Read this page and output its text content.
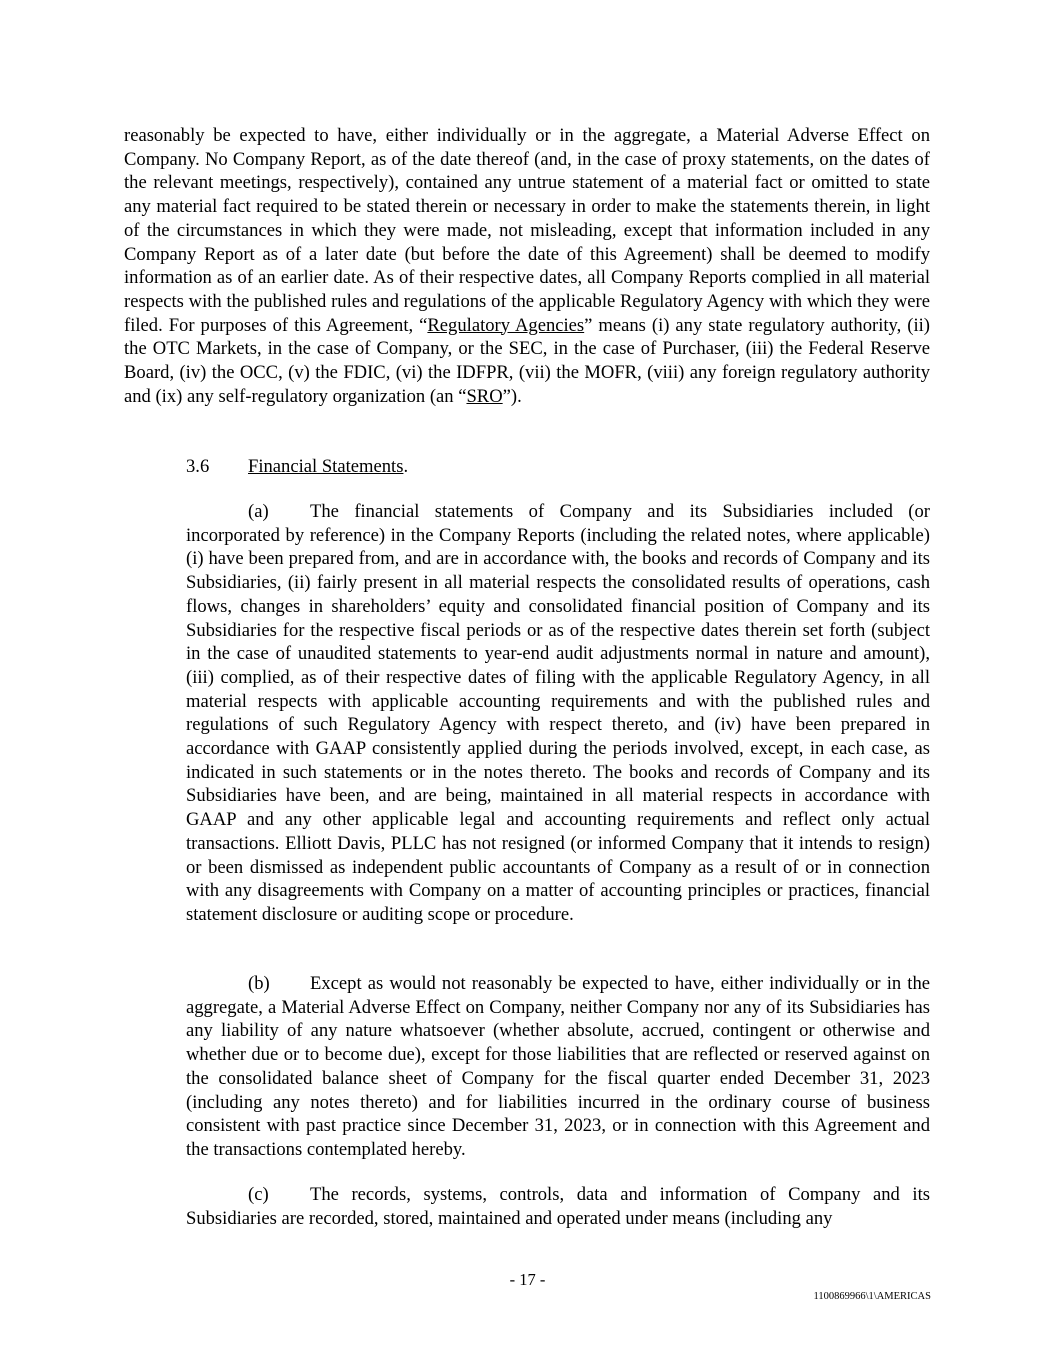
reasonably be expected to have, either individually or in the aggregate, a Material Adverse Effect on Company. No Company Report, as of the date thereof (and, in the case of proxy statements, on the dates of the relevant meetings, respectively), contained any untrue statement of a material fact or omitted to state any material fact required to be stated therein or necessary in order to make the statements therein, in light of the circumstances in which they were made, not misleading, except that information included in any Company Report as of a later date (but before the date of this Agreement) shall be deemed to modify information as of an earlier date. As of their respective dates, all Company Reports complied in all material respects with the published rules and regulations of the applicable Regulatory Agency with which they were filed. For purposes of this Agreement, “Regulatory Agencies” means (i) any state regulatory authority, (ii) the OTC Markets, in the case of Company, or the SEC, in the case of Purchaser, (iii) the Federal Reserve Board, (iv) the OCC, (v) the FDIC, (vi) the IDFPR, (vii) the MOFR, (viii) any foreign regulatory authority and (ix) any self-regulatory organization (an “SRO”).

3.6 Financial Statements.

(a) The financial statements of Company and its Subsidiaries included (or incorporated by reference) in the Company Reports (including the related notes, where applicable) (i) have been prepared from, and are in accordance with, the books and records of Company and its Subsidiaries, (ii) fairly present in all material respects the consolidated results of operations, cash flows, changes in shareholders’ equity and consolidated financial position of Company and its Subsidiaries for the respective fiscal periods or as of the respective dates therein set forth (subject in the case of unaudited statements to year-end audit adjustments normal in nature and amount), (iii) complied, as of their respective dates of filing with the applicable Regulatory Agency, in all material respects with applicable accounting requirements and with the published rules and regulations of such Regulatory Agency with respect thereto, and (iv) have been prepared in accordance with GAAP consistently applied during the periods involved, except, in each case, as indicated in such statements or in the notes thereto. The books and records of Company and its Subsidiaries have been, and are being, maintained in all material respects in accordance with GAAP and any other applicable legal and accounting requirements and reflect only actual transactions. Elliott Davis, PLLC has not resigned (or informed Company that it intends to resign) or been dismissed as independent public accountants of Company as a result of or in connection with any disagreements with Company on a matter of accounting principles or practices, financial statement disclosure or auditing scope or procedure.

(b) Except as would not reasonably be expected to have, either individually or in the aggregate, a Material Adverse Effect on Company, neither Company nor any of its Subsidiaries has any liability of any nature whatsoever (whether absolute, accrued, contingent or otherwise and whether due or to become due), except for those liabilities that are reflected or reserved against on the consolidated balance sheet of Company for the fiscal quarter ended December 31, 2023 (including any notes thereto) and for liabilities incurred in the ordinary course of business consistent with past practice since December 31, 2023, or in connection with this Agreement and the transactions contemplated hereby.

(c) The records, systems, controls, data and information of Company and its Subsidiaries are recorded, stored, maintained and operated under means (including any

- 17 -
1100869966\1\AMERICAS
